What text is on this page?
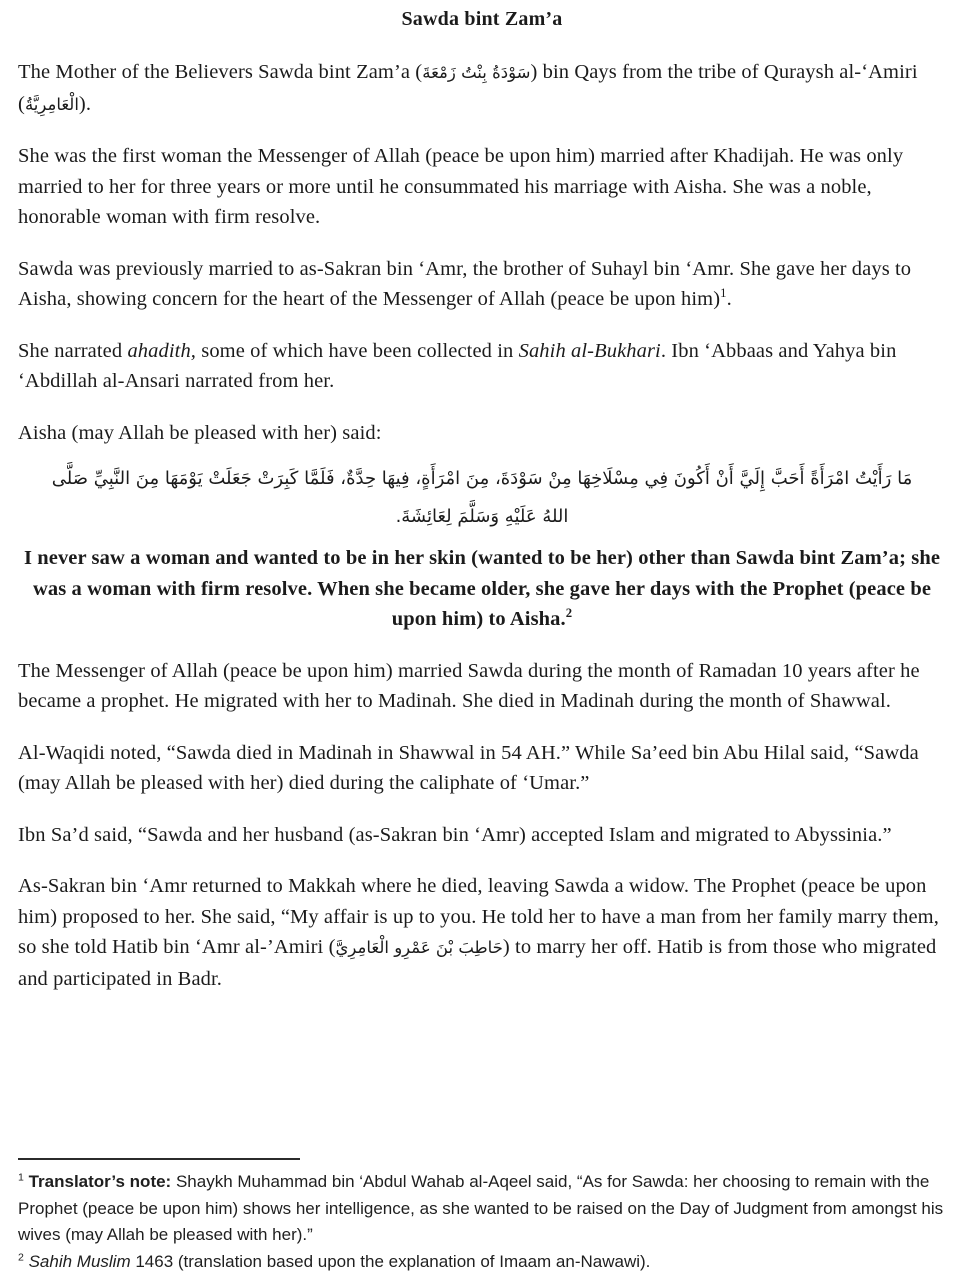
Sawda bint Zam’a

The Mother of the Believers Sawda bint Zam’a (سَوْدَةُ بِنْتُ زَمْعَةَ) bin Qays from the tribe of Quraysh al-‘Amiri (الْعَامِرِيَّةُ).

She was the first woman the Messenger of Allah (peace be upon him) married after Khadijah. He was only married to her for three years or more until he consummated his marriage with Aisha. She was a noble, honorable woman with firm resolve.

Sawda was previously married to as-Sakran bin ‘Amr, the brother of Suhayl bin ‘Amr. She gave her days to Aisha, showing concern for the heart of the Messenger of Allah (peace be upon him)$^1$.

She narrated ahadith, some of which have been collected in Sahih al-Bukhari. Ibn ‘Abbaas and Yahya bin ‘Abdillah al-Ansari narrated from her.

Aisha (may Allah be pleased with her) said:

مَا رَأَيْتُ امْرَأَةً أَحَبَّ إِلَيَّ أَنْ أَكُونَ فِي مِسْلَاخِهَا مِنْ سَوْدَةَ، مِنَ امْرَأَةٍ، فِيهَا حِدَّةٌ، فَلَمَّا كَبِرَتْ جَعَلَتْ يَوْمَهَا مِنَ النَّبِيِّ صَلَّى اللهُ عَلَيْهِ وَسَلَّمَ لِعَائِشَةَ.
I never saw a woman and wanted to be in her skin (wanted to be her) other than Sawda bint Zam’a; she was a woman with firm resolve. When she became older, she gave her days with the Prophet (peace be upon him) to Aisha.$^2$

The Messenger of Allah (peace be upon him) married Sawda during the month of Ramadan 10 years after he became a prophet. He migrated with her to Madinah. She died in Madinah during the month of Shawwal.

Al-Waqidi noted, “Sawda died in Madinah in Shawwal in 54 AH.” While Sa’eed bin Abu Hilal said, “Sawda (may Allah be pleased with her) died during the caliphate of ‘Umar.”

Ibn Sa’d said, “Sawda and her husband (as-Sakran bin ‘Amr) accepted Islam and migrated to Abyssinia.”

As-Sakran bin ‘Amr returned to Makkah where he died, leaving Sawda a widow. The Prophet (peace be upon him) proposed to her. She said, “My affair is up to you. He told her to have a man from her family marry them, so she told Hatib bin ‘Amr al-’Amiri (حَاطِبَ بْنَ عَمْرِو الْعَامِرِيَّ) to marry her off. Hatib is from those who migrated and participated in Badr.

$^1$ Translator’s note: Shaykh Muhammad bin ‘Abdul Wahab al-Aqeel said, “As for Sawda: her choosing to remain with the Prophet (peace be upon him) shows her intelligence, as she wanted to be raised on the Day of Judgment from amongst his wives (may Allah be pleased with her).”

$^2$ Sahih Muslim 1463 (translation based upon the explanation of Imaam an-Nawawi).
